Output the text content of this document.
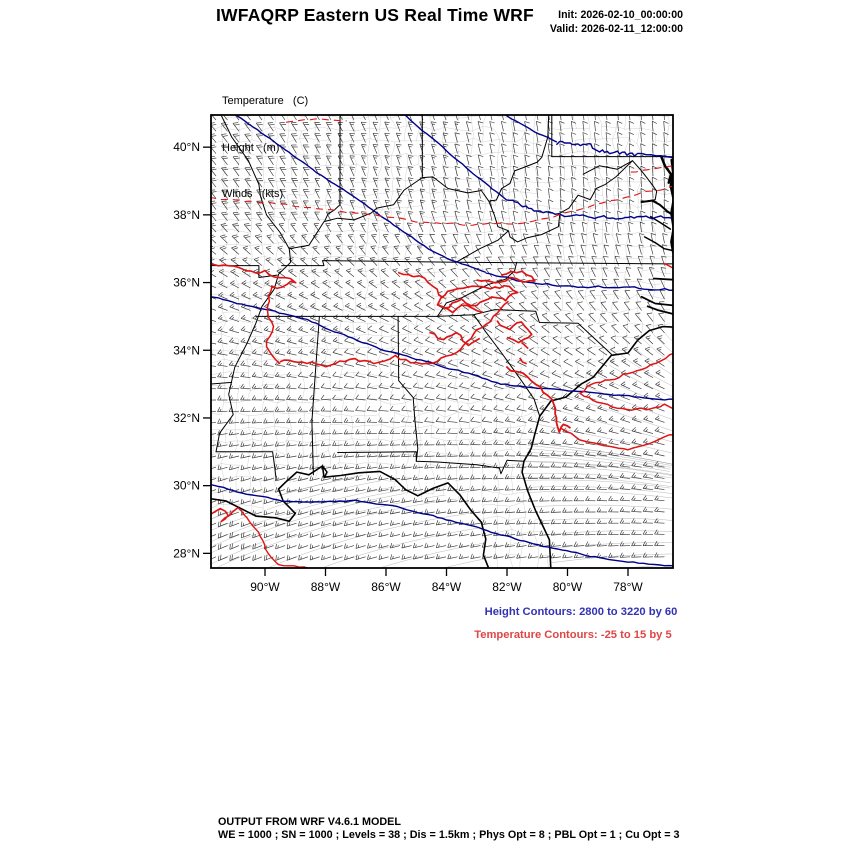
IWFAQRP Eastern US Real Time WRF	Init: 2026-02-10_00:00:00
Valid: 2026-02-11_12:00:00

Temperature   (C)

Height   (m)

Winds   (kts)

40°N
38°N
36°N
34°N
32°N
30°N
28°N
90°W	88°W	86°W	84°W	82°W	80°W	78°W
Height Contours: 2800 to 3220 by 60
Temperature Contours: -25 to 15 by 5
OUTPUT FROM WRF V4.6.1 MODEL
WE = 1000 ; SN = 1000 ; Levels = 38 ; Dis = 1.5km ; Phys Opt = 8 ; PBL Opt = 1 ; Cu Opt = 3
